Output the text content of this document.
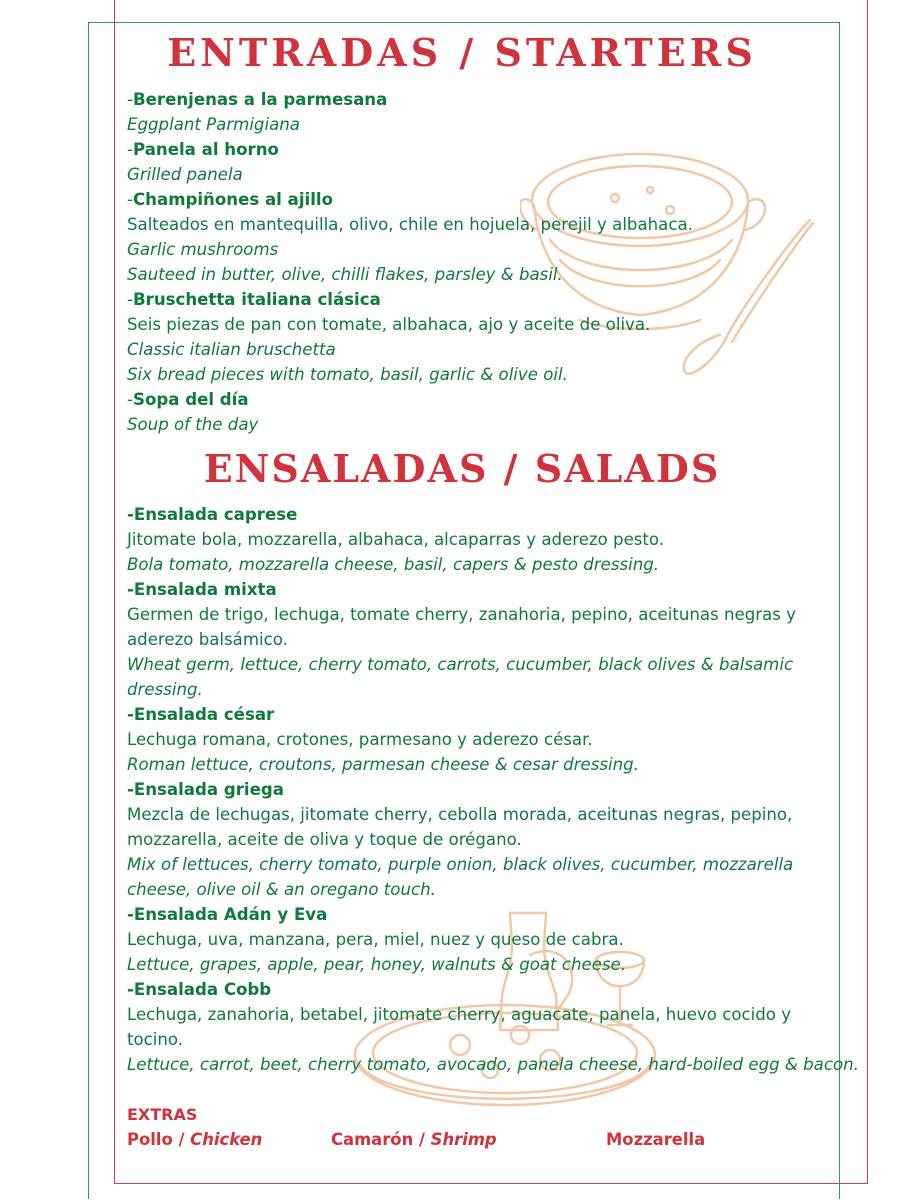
ENTRADAS / STARTERS
-Berenjenas a la parmesana
Eggplant Parmigiana
-Panela al horno
Grilled panela
-Champiñones al ajillo
Salteados en mantequilla, olivo, chile en hojuela, perejil y albahaca.
Garlic mushrooms
Sauteed in butter, olive, chilli flakes, parsley & basil.
-Bruschetta italiana clásica
Seis piezas de pan con tomate, albahaca, ajo y aceite de oliva.
Classic italian bruschetta
Six bread pieces with tomato, basil, garlic & olive oil.
-Sopa del día
Soup of the day
ENSALADAS / SALADS
-Ensalada caprese
Jitomate bola, mozzarella, albahaca, alcaparras y aderezo pesto.
Bola tomato, mozzarella cheese, basil, capers & pesto dressing.
-Ensalada mixta
Germen de trigo, lechuga, tomate cherry, zanahoria, pepino, aceitunas negras y
aderezo balsámico.
Wheat germ, lettuce, cherry tomato, carrots, cucumber, black olives & balsamic
dressing.
-Ensalada césar
Lechuga romana, crotones, parmesano y aderezo césar.
Roman lettuce, croutons, parmesan cheese & cesar dressing.
-Ensalada griega
Mezcla de lechugas, jitomate cherry, cebolla morada, aceitunas negras, pepino,
mozzarella, aceite de oliva y toque de orégano.
Mix of lettuces, cherry tomato, purple onion, black olives, cucumber, mozzarella
cheese, olive oil & an oregano touch.
-Ensalada Adán y Eva
Lechuga, uva, manzana, pera, miel, nuez y queso de cabra.
Lettuce, grapes, apple, pear, honey, walnuts & goat cheese.
-Ensalada Cobb
Lechuga, zanahoria, betabel, jitomate cherry, aguacate, panela, huevo cocido y
tocino.
Lettuce, carrot, beet, cherry tomato, avocado, panela cheese, hard-boiled egg & bacon.
EXTRAS
Pollo / Chicken	Camarón / Shrimp	Mozzarella
